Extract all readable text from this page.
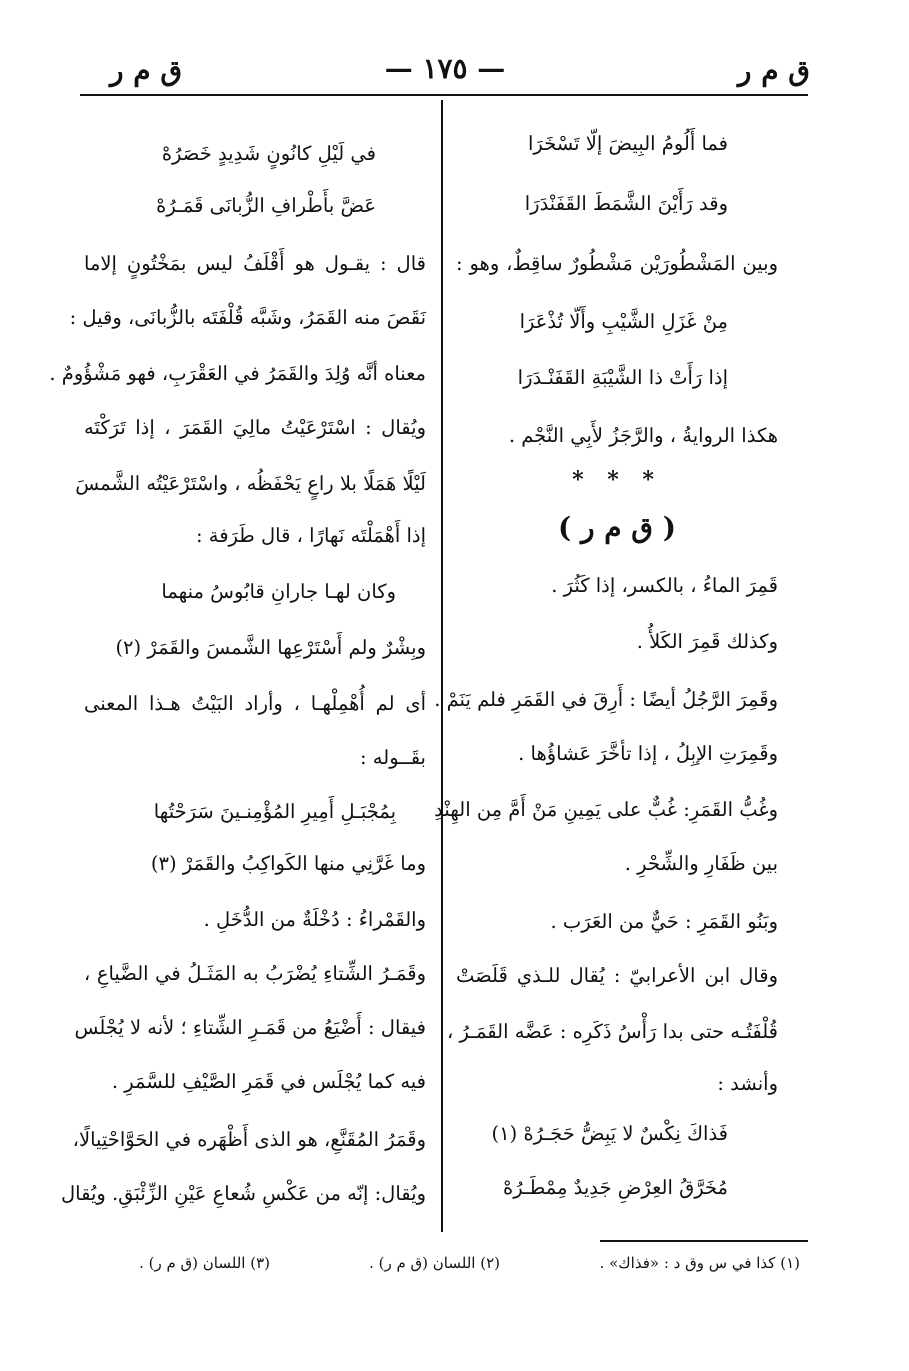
ق م ر
— ١٧٥ —
ق م ر
فما أَلُومُ البِيضَ إلّا تَسْخَرَا
وقد رَأَيْنَ الشَّمَطَ القَفَنْدَرَا
وبين المَشْطُورَيْن مَشْطُورٌ ساقِطٌ، وهو :
مِنْ غَزَلِ الشَّيْبِ وأَلّا تُذْعَرَا
إذا رَأَتْ ذا الشَّيْبَةِ القَفَنْـدَرَا
هكذا الروايةُ ، والرَّجَزُ لأَبِي النَّجْم .
* * *
( ق م ر )
قَمِرَ الماءُ ، بالكسر، إذا كَثُرَ .
وكذلك قَمِرَ الكَلأُ .
وقَمِرَ الرَّجُلُ أيضًا : أَرِقَ في القَمَرِ فلم يَنَمْ .
وقَمِرَتِ الإبِلُ ، إذا تأخَّرَ عَشاؤُها .
وغُبُّ القَمَرِ: غُبٌّ على يَمِينِ مَنْ أَمَّ مِن الهِنْدِ
بين ظَفَارِ والشِّحْرِ .
وبَنُو القَمَرِ : حَيٌّ من العَرَب .
وقال ابن الأعرابيّ : يُقال للـذي قَلَصَتْ
قُلْفَتُـه حتى بدا رَأْسُ ذَكَرِه : عَضَّه القَمَـرُ ،
وأنشد :
فَذاكَ نِكْسٌ لا يَبِضُّ حَجَـرُهْ (١)
مُخَرَّقُ العِرْضِ جَدِيدٌ مِمْطَـرُهْ
في لَيْلِ كانُونٍ شَدِيدٍ خَصَرُهْ
عَضَّ بأَطْرافِ الزُّبانَى قَمَـرُهْ
قال : يقـول هو أَقْلَفُ ليس بمَخْتُونٍ إلاما
نَقَصَ منه القَمَرُ، وشَبَّه قُلْفَتَه بالزُّبانَى، وقيل :
معناه أنَّه وُلِدَ والقَمَرُ في العَقْرَبِ، فهو مَشْؤُومٌ .
ويُقال : اسْتَرْعَيْتُ مالِيَ القَمَرَ ، إذا تَرَكْتَه
لَيْلًا هَمَلًا بلا راعٍ يَحْفَظُه ، واسْتَرْعَيْتُه الشَّمسَ
إذا أَهْمَلْتَه نَهارًا ، قال طَرَفة :
وكان لهـا جارانِ قابُوسُ منهما
وبِشْرٌ ولم أَسْتَرْعِها الشَّمسَ والقَمَرْ (٢)
أى لم أُهْمِلْهـا ، وأراد البَيْتُ هـذا المعنى
بقَــوله :
بِمُجْبَـلِ أَمِيرِ المُؤْمِنـينَ سَرَحْتُها
وما غَرَّنِي منها الكَواكِبُ والقَمَرْ (٣)
والقَمْراءُ : دُخْلَةٌ من الدُّخَلِ .
وقَمَـرُ الشِّتاءِ يُضْرَبُ به المَثَـلُ في الضَّياعِ ،
فيقال : أَضْيَعُ من قَمَـرِ الشِّتاءِ ؛ لأنه لا يُجْلَس
فيه كما يُجْلَس في قَمَرِ الصَّيْفِ للسَّمَرِ .
وقَمَرُ المُقَنَّعِ، هو الذى أَظْهَره في الحَوَّاحْتِيالًا،
ويُقال: إنّه من عَكْسِ شُعاعِ عَيْنِ الزِّئْبَقِ. ويُقال
(١) كذا في س وق د : «فذاك» .
(٢) اللسان (ق م ر) .
(٣) اللسان (ق م ر) .
